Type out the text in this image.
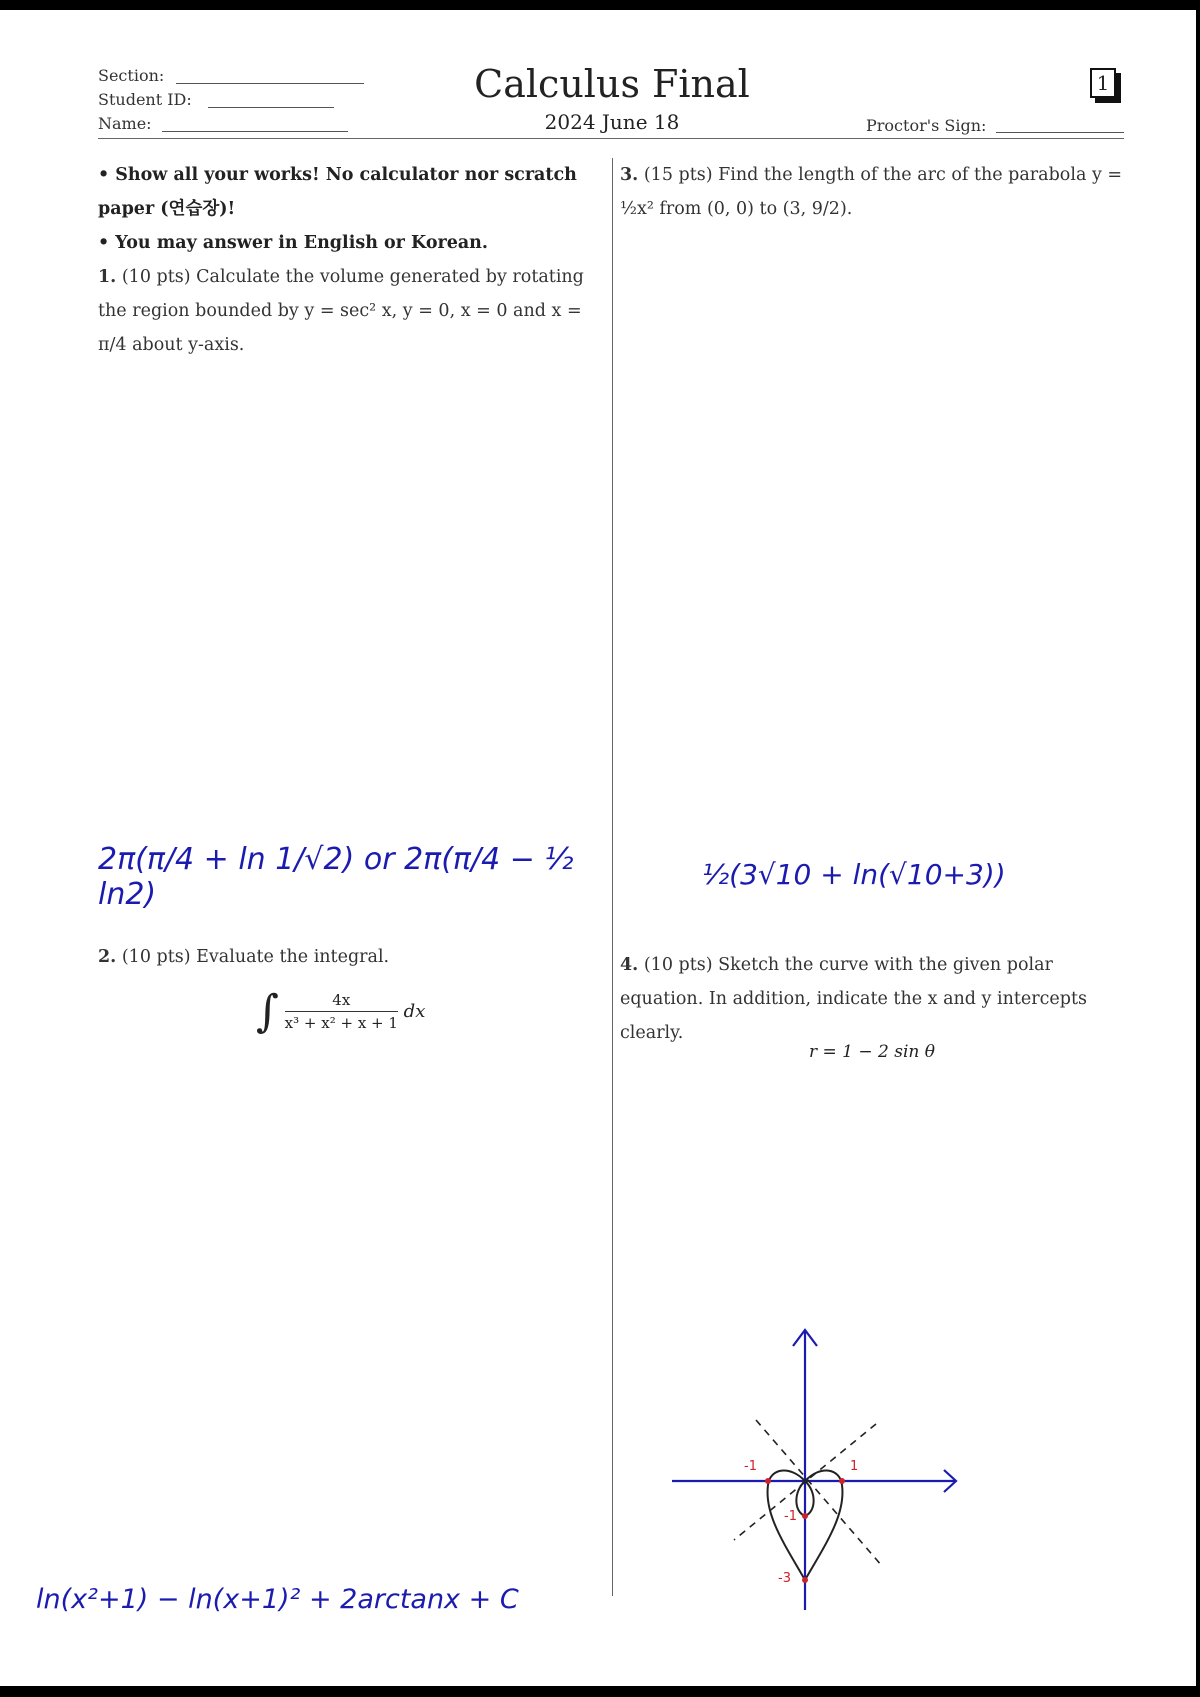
Section:
Student ID:
Name:
Calculus Final
2024 June 18	Proctor's Sign:
1
• Show all your works! No calculator nor scratch paper (연습장)!
• You may answer in English or Korean.
1. (10 pts) Calculate the volume generated by rotating the region bounded by y = sec² x, y = 0, x = 0 and x = π/4 about y-axis.
2π(π/4 + ln 1/√2) or 2π(π/4 − ½ ln2)
2. (10 pts) Evaluate the integral.
∫ $\frac{4x}{\text{x³ + x² + x + 1}}$ dx
ln(x²+1) − ln(x+1)² + 2arctanx + C
3. (15 pts) Find the length of the arc of the parabola y = ½x² from (0, 0) to (3, 9/2).
½(3√10 + ln(√10+3))
4. (10 pts) Sketch the curve with the given polar equation. In addition, indicate the x and y intercepts clearly.
r = 1 − 2 sin θ
-1	1
-1
-3
